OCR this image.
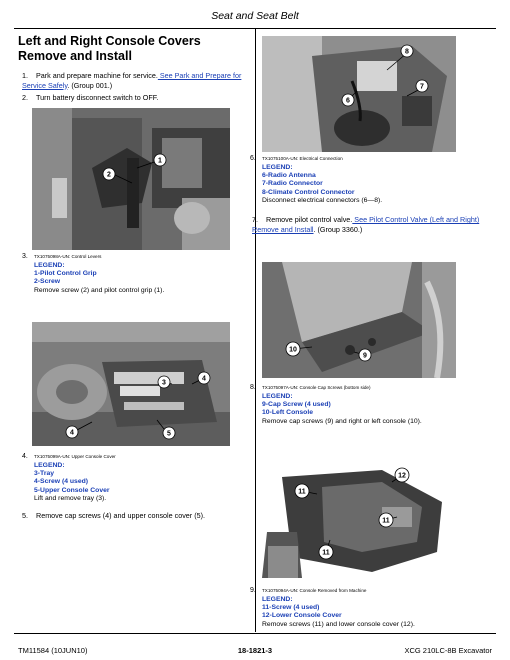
Seat and Seat Belt
Left and Right Console Covers Remove and Install
1. Park and prepare machine for service. See Park and Prepare for Service Safely. (Group 001.)
2. Turn battery disconnect switch to OFF.
1
2
3. TX1075098A-UN: Control Levers
LEGEND:
1-Pilot Control Grip
2-Screw
Remove screw (2) and pilot control grip (1).
3
4
4	5
4. TX1075099A-UN: Upper Console Cover
LEGEND:
3-Tray
4-Screw (4 used)
5-Upper Console Cover
Lift and remove tray (3).
5. Remove cap screws (4) and upper console cover (5).
8
7
6
6. TX1075100A-UN: Electrical Connection
LEGEND:
6-Radio Antenna
7-Radio Connector
8-Climate Control Connector
Disconnect electrical connectors (6—8).
7. Remove pilot control valve. See Pilot Control Valve (Left and Right) Remove and Install. (Group 3360.)
10
9
8. TX1075097A-UN: Console Cap Screws (bottom side)
LEGEND:
9-Cap Screw (4 used)
10-Left Console
Remove cap screws (9) and right or left console (10).
12
11
11
11
9. TX1075094A-UN: Console Removed from Machine
LEGEND:
11-Screw (4 used)
12-Lower Console Cover
Remove screws (11) and lower console cover (12).
TM11584 (10JUN10)	18-1821-3	XCG 210LC-8B Excavator
